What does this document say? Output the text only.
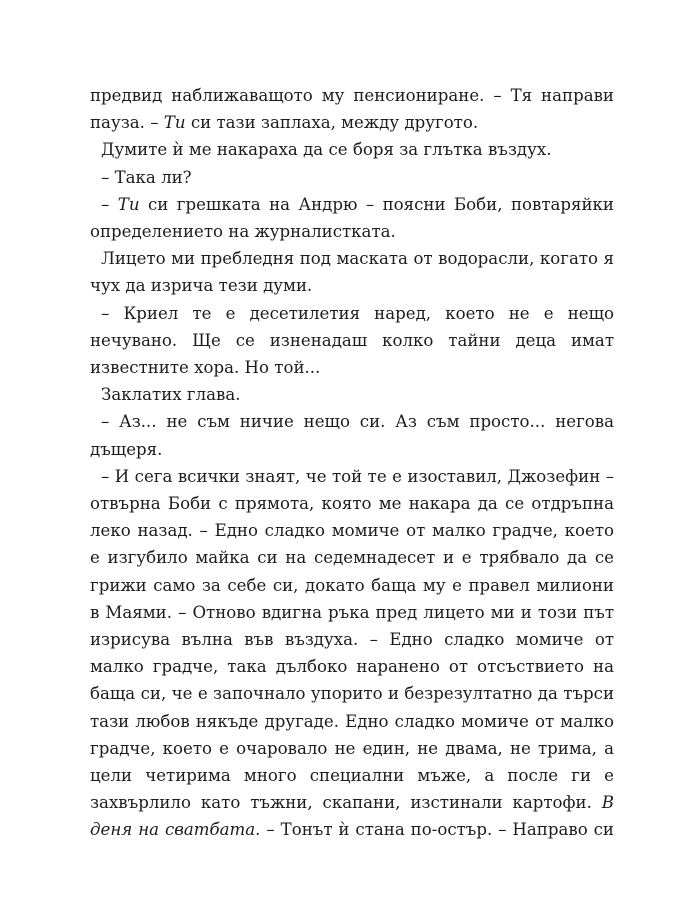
предвид наближаващото му пенсиониране. – Тя направи пауза. – Ти си тази заплаха, между другото.

Думите ѝ ме накараха да се боря за глътка въздух.

– Така ли?

– Ти си грешката на Андрю – поясни Боби, повтаряйки определението на журналистката.

Лицето ми пребледня под маската от водорасли, когато я чух да изрича тези думи.

– Криел те е десетилетия наред, което не е нещо нечувано. Ще се изненадаш колко тайни деца имат известните хора. Но той...

Заклатих глава.

– Аз... не съм ничие нещо си. Аз съм просто... негова дъщеря.

– И сега всички знаят, че той те е изоставил, Джозефин – отвърна Боби с прямота, която ме накара да се отдръпна леко назад. – Едно сладко момиче от малко градче, което е изгубило майка си на седемнадесет и е трябвало да се грижи само за себе си, докато баща му е правел милиони в Маями. – Отново вдигна ръка пред лицето ми и този път изрисува вълна във въздуха. – Едно сладко момиче от малко градче, така дълбоко наранено от отсъствието на баща си, че е започнало упорито и безрезултатно да търси тази любов някъде другаде. Едно сладко момиче от малко градче, което е очаровало не един, не двама, не трима, а цели четирима много специални мъже, а после ги е захвърлило като тъжни, скапани, изстинали картофи. В деня на сватбата. – Тонът ѝ стана по-остър. – Направо си
